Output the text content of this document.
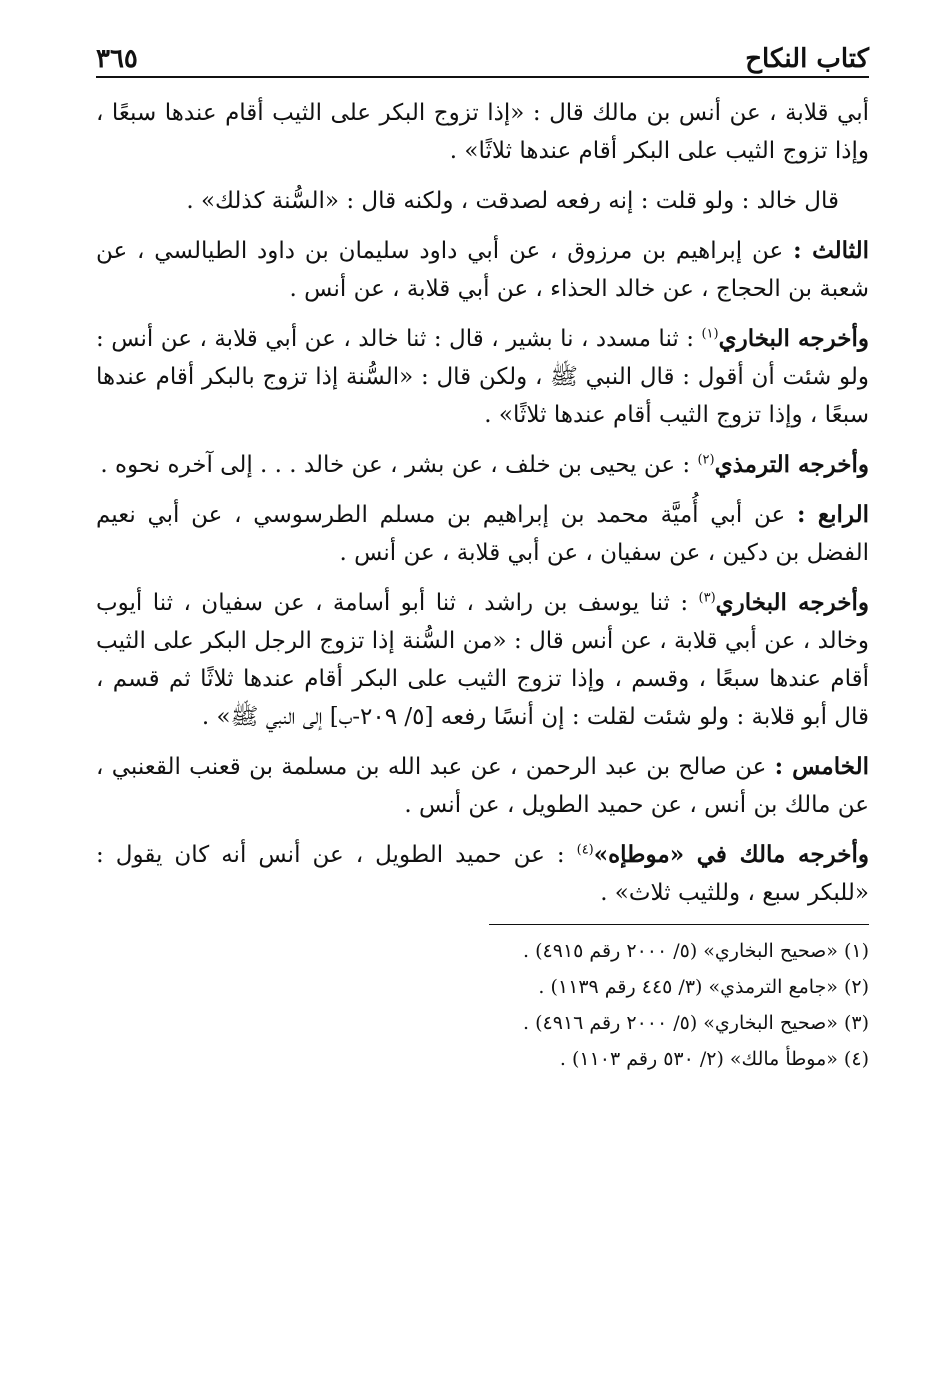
كتاب النكاح
٣٦٥

أبي قلابة ، عن أنس بن مالك قال : «إذا تزوج البكر على الثيب أقام عندها سبعًا ، وإذا تزوج الثيب على البكر أقام عندها ثلاثًا» .

قال خالد : ولو قلت : إنه رفعه لصدقت ، ولكنه قال : «السُّنة كذلك» .

الثالث : عن إبراهيم بن مرزوق ، عن أبي داود سليمان بن داود الطيالسي ، عن شعبة بن الحجاج ، عن خالد الحذاء ، عن أبي قلابة ، عن أنس .

وأخرجه البخاري$^{(١)}$ : ثنا مسدد ، نا بشير ، قال : ثنا خالد ، عن أبي قلابة ، عن أنس : ولو شئت أن أقول : قال النبي ﷺ ، ولكن قال : «السُّنة إذا تزوج بالبكر أقام عندها سبعًا ، وإذا تزوج الثيب أقام عندها ثلاثًا» .

وأخرجه الترمذي$^{(٢)}$ : عن يحيى بن خلف ، عن بشر ، عن خالد . . . إلى آخره نحوه .

الرابع : عن أبي أُميَّة محمد بن إبراهيم بن مسلم الطرسوسي ، عن أبي نعيم الفضل بن دكين ، عن سفيان ، عن أبي قلابة ، عن أنس .

وأخرجه البخاري$^{(٣)}$ : ثنا يوسف بن راشد ، ثنا أبو أسامة ، عن سفيان ، ثنا أيوب وخالد ، عن أبي قلابة ، عن أنس قال : «من السُّنة إذا تزوج الرجل البكر على الثيب أقام عندها سبعًا ، وقسم ، وإذا تزوج الثيب على البكر أقام عندها ثلاثًا ثم قسم ، قال أبو قلابة : ولو شئت لقلت : إن أنسًا رفعه [٥/ ٢٠٩-ب] إلى النبي ﷺ» .

الخامس : عن صالح بن عبد الرحمن ، عن عبد الله بن مسلمة بن قعنب القعنبي ، عن مالك بن أنس ، عن حميد الطويل ، عن أنس .

وأخرجه مالك في «موطإه»$^{(٤)}$ : عن حميد الطويل ، عن أنس أنه كان يقول : «للبكر سبع ، وللثيب ثلاث» .

(١) «صحيح البخاري» (٥/ ٢٠٠٠ رقم ٤٩١٥) .
(٢) «جامع الترمذي» (٣/ ٤٤٥ رقم ١١٣٩) .
(٣) «صحيح البخاري» (٥/ ٢٠٠٠ رقم ٤٩١٦) .
(٤) «موطأ مالك» (٢/ ٥٣٠ رقم ١١٠٣) .
